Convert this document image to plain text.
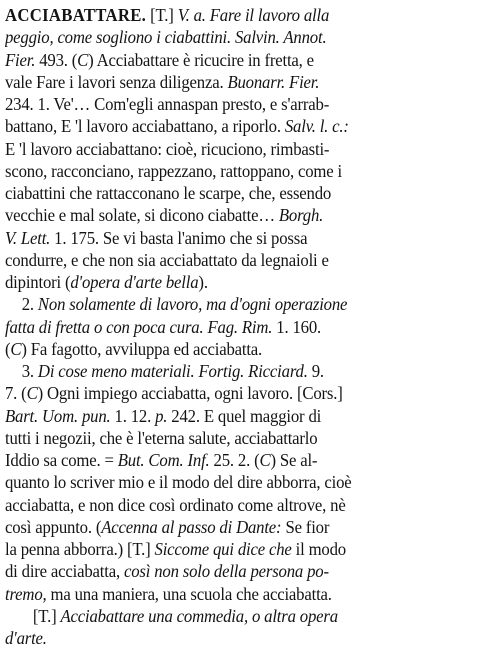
ACCIABATTARE. [T.] V. a. Fare il lavoro alla
peggio, come sogliono i ciabattini. Salvin. Annot.
Fier. 493. (C) Acciabattare è ricucire in fretta, e
vale Fare i lavori senza diligenza. Buonarr. Fier.
234. 1. Ve'… Com'egli annaspan presto, e s'arrab-
battano, E 'l lavoro acciabattano, a riporlo. Salv. l. c.:
E 'l lavoro acciabattano: cioè, ricuciono, rimbasti-
scono, racconciano, rappezzano, rattoppano, come i
ciabattini che rattacconano le scarpe, che, essendo
vecchie e mal solate, si dicono ciabatte… Borgh.
V. Lett. 1. 175. Se vi basta l'animo che si possa
condurre, e che non sia acciabattato da legnaioli e
dipintori (d'opera d'arte bella).
2. Non solamente di lavoro, ma d'ogni operazione
fatta di fretta o con poca cura. Fag. Rim. 1. 160.
(C) Fa fagotto, avviluppa ed acciabatta.
3. Di cose meno materiali. Fortig. Ricciard. 9.
7. (C) Ogni impiego acciabatta, ogni lavoro. [Cors.]
Bart. Uom. pun. 1. 12. p. 242. E quel maggior di
tutti i negozii, che è l'eterna salute, acciabattarlo
Iddio sa come. = But. Com. Inf. 25. 2. (C) Se al-
quanto lo scriver mio e il modo del dire abborra, cioè
acciabatta, e non dice così ordinato come altrove, nè
così appunto. (Accenna al passo di Dante: Se fior
la penna abborra.) [T.] Siccome qui dice che il modo
di dire acciabatta, così non solo della persona po-
tremo, ma una maniera, una scuola che acciabatta.
[T.] Acciabattare una commedia, o altra opera
d'arte.
